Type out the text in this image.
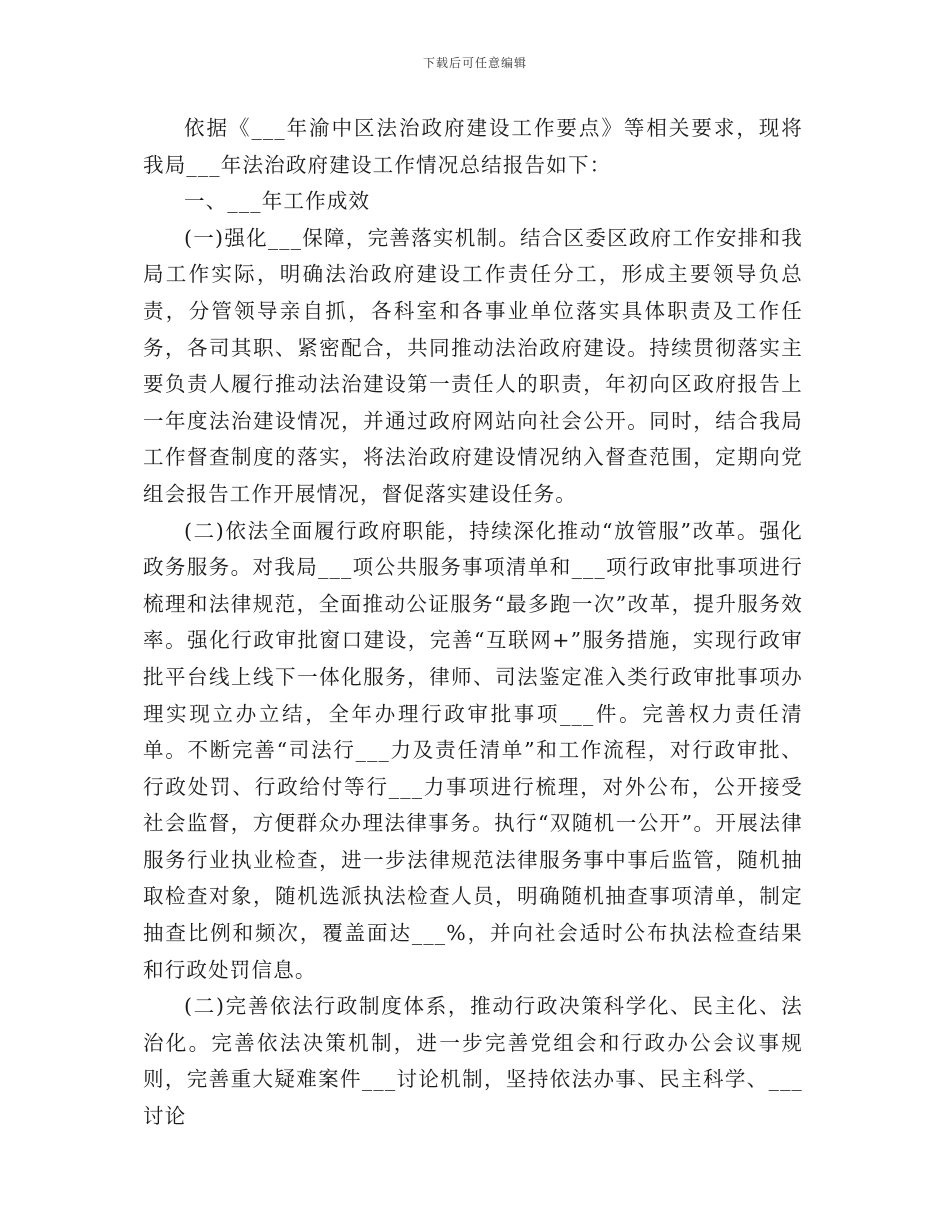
下载后可任意编辑

依据《___年渝中区法治政府建设工作要点》等相关要求，现将我局___年法治政府建设工作情况总结报告如下：

一、___年工作成效

(一)强化___保障，完善落实机制。结合区委区政府工作安排和我局工作实际，明确法治政府建设工作责任分工，形成主要领导负总责，分管领导亲自抓，各科室和各事业单位落实具体职责及工作任务，各司其职、紧密配合，共同推动法治政府建设。持续贯彻落实主要负责人履行推动法治建设第一责任人的职责，年初向区政府报告上一年度法治建设情况，并通过政府网站向社会公开。同时，结合我局工作督查制度的落实，将法治政府建设情况纳入督查范围，定期向党组会报告工作开展情况，督促落实建设任务。

(二)依法全面履行政府职能，持续深化推动“放管服”改革。强化政务服务。对我局___项公共服务事项清单和___项行政审批事项进行梳理和法律规范，全面推动公证服务“最多跑一次”改革，提升服务效率。强化行政审批窗口建设，完善“互联网+”服务措施，实现行政审批平台线上线下一体化服务，律师、司法鉴定准入类行政审批事项办理实现立办立结，全年办理行政审批事项___件。完善权力责任清单。不断完善“司法行___力及责任清单”和工作流程，对行政审批、行政处罚、行政给付等行___力事项进行梳理，对外公布，公开接受社会监督，方便群众办理法律事务。执行“双随机一公开”。开展法律服务行业执业检查，进一步法律规范法律服务事中事后监管，随机抽取检查对象，随机选派执法检查人员，明确随机抽查事项清单，制定抽查比例和频次，覆盖面达___%，并向社会适时公布执法检查结果和行政处罚信息。

(二)完善依法行政制度体系，推动行政决策科学化、民主化、法治化。完善依法决策机制，进一步完善党组会和行政办公会议事规则，完善重大疑难案件___讨论机制，坚持依法办事、民主科学、___讨论
